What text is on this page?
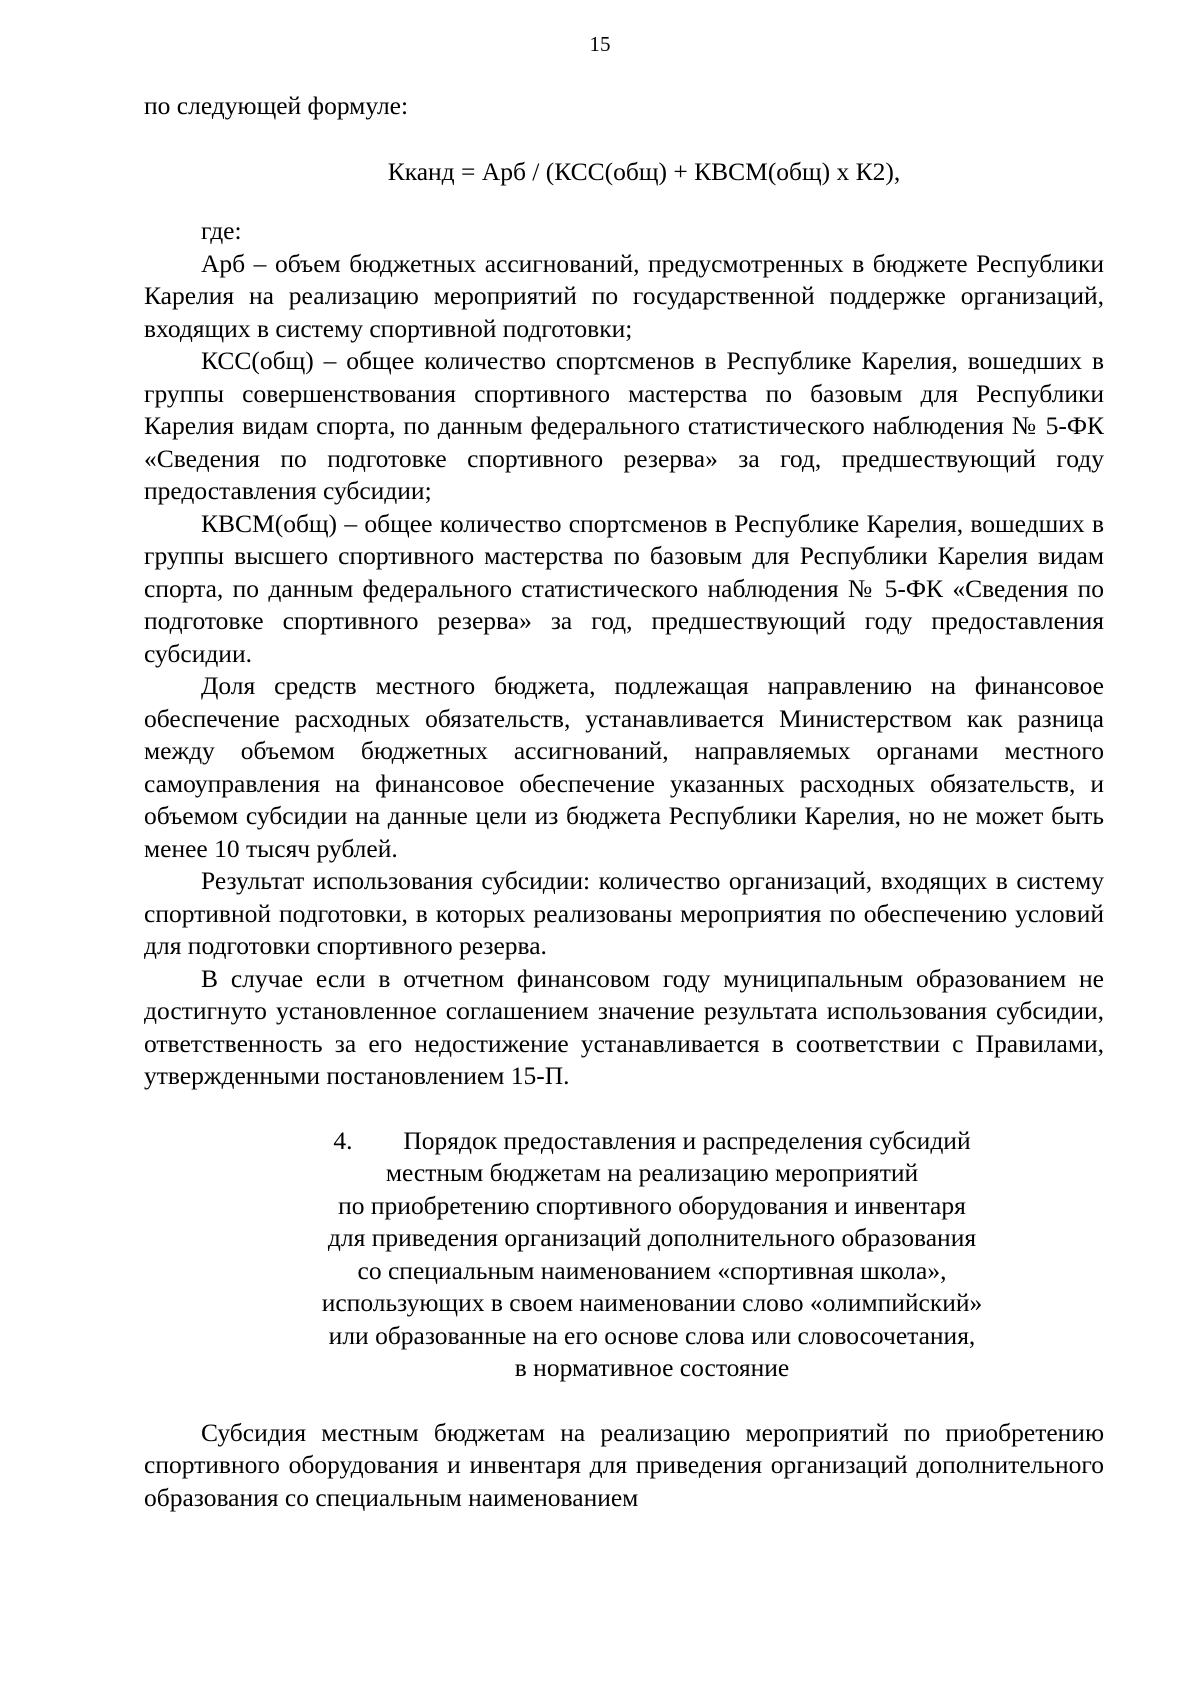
15

по следующей формуле:

Кканд = Арб / (КСС(общ) + КВСМ(общ) х К2),

где:

Арб – объем бюджетных ассигнований, предусмотренных в бюджете Республики Карелия на реализацию мероприятий по государственной поддержке организаций, входящих в систему спортивной подготовки;

КСС(общ) – общее количество спортсменов в Республике Карелия, вошедших в группы совершенствования спортивного мастерства по базовым для Республики Карелия видам спорта, по данным федерального статистического наблюдения № 5-ФК «Сведения по подготовке спортивного резерва» за год, предшествующий году предоставления субсидии;

КВСМ(общ) – общее количество спортсменов в Республике Карелия, вошедших в группы высшего спортивного мастерства по базовым для Республики Карелия видам спорта, по данным федерального статистического наблюдения № 5-ФК «Сведения по подготовке спортивного резерва» за год, предшествующий году предоставления субсидии.

Доля средств местного бюджета, подлежащая направлению на финансовое обеспечение расходных обязательств, устанавливается Министерством как разница между объемом бюджетных ассигнований, направляемых органами местного самоуправления на финансовое обеспечение указанных расходных обязательств, и объемом субсидии на данные цели из бюджета Республики Карелия, но не может быть менее 10 тысяч рублей.

Результат использования субсидии: количество организаций, входящих в систему спортивной подготовки, в которых реализованы мероприятия по обеспечению условий для подготовки спортивного резерва.

В случае если в отчетном финансовом году муниципальным образованием не достигнуто установленное соглашением значение результата использования субсидии, ответственность за его недостижение устанавливается в соответствии с Правилами, утвержденными постановлением 15-П.

4. Порядок предоставления и распределения субсидий
местным бюджетам на реализацию мероприятий
по приобретению спортивного оборудования и инвентаря
для приведения организаций дополнительного образования
со специальным наименованием «спортивная школа»,
использующих в своем наименовании слово «олимпийский»
или образованные на его основе слова или словосочетания,
в нормативное состояние

Субсидия местным бюджетам на реализацию мероприятий по приобретению спортивного оборудования и инвентаря для приведения организаций дополнительного образования со специальным наименованием
